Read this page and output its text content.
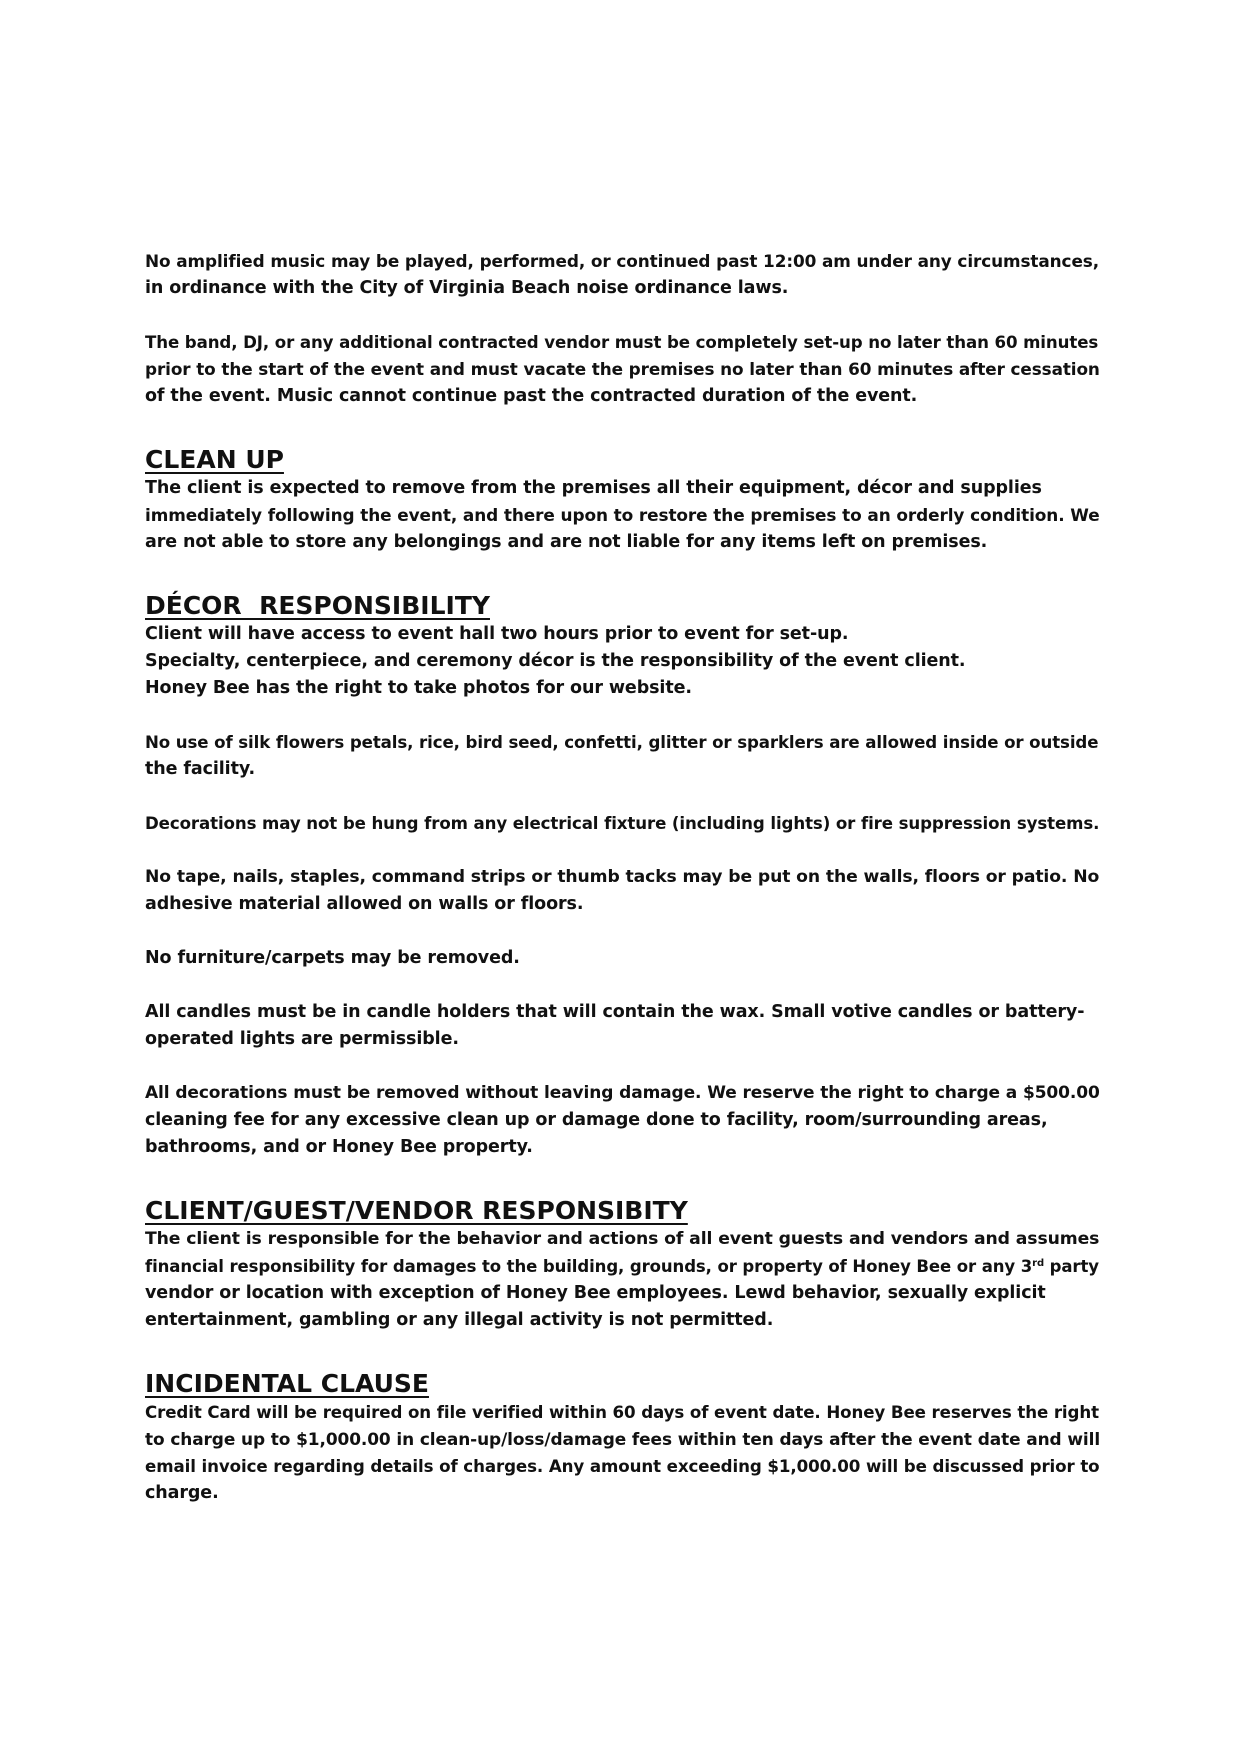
No amplified music may be played, performed, or continued past 12:00 am under any circumstances,
in ordinance with the City of Virginia Beach noise ordinance laws.

The band, DJ, or any additional contracted vendor must be completely set-up no later than 60 minutes
prior to the start of the event and must vacate the premises no later than 60 minutes after cessation
of the event. Music cannot continue past the contracted duration of the event.

CLEAN UP

The client is expected to remove from the premises all their equipment, décor and supplies
immediately following the event, and there upon to restore the premises to an orderly condition. We
are not able to store any belongings and are not liable for any items left on premises.

DÉCOR  RESPONSIBILITY

Client will have access to event hall two hours prior to event for set-up.
Specialty, centerpiece, and ceremony décor is the responsibility of the event client.
Honey Bee has the right to take photos for our website.

No use of silk flowers petals, rice, bird seed, confetti, glitter or sparklers are allowed inside or outside
the facility.

Decorations may not be hung from any electrical fixture (including lights) or fire suppression systems.

No tape, nails, staples, command strips or thumb tacks may be put on the walls, floors or patio. No
adhesive material allowed on walls or floors.

No furniture/carpets may be removed.

All candles must be in candle holders that will contain the wax. Small votive candles or battery-
operated lights are permissible.

All decorations must be removed without leaving damage. We reserve the right to charge a $500.00
cleaning fee for any excessive clean up or damage done to facility, room/surrounding areas,
bathrooms, and or Honey Bee property.

CLIENT/GUEST/VENDOR RESPONSIBITY

The client is responsible for the behavior and actions of all event guests and vendors and assumes
financial responsibility for damages to the building, grounds, or property of Honey Bee or any 3rd party
vendor or location with exception of Honey Bee employees. Lewd behavior, sexually explicit
entertainment, gambling or any illegal activity is not permitted.

INCIDENTAL CLAUSE

Credit Card will be required on file verified within 60 days of event date. Honey Bee reserves the right
to charge up to $1,000.00 in clean-up/loss/damage fees within ten days after the event date and will
email invoice regarding details of charges. Any amount exceeding $1,000.00 will be discussed prior to
charge.
